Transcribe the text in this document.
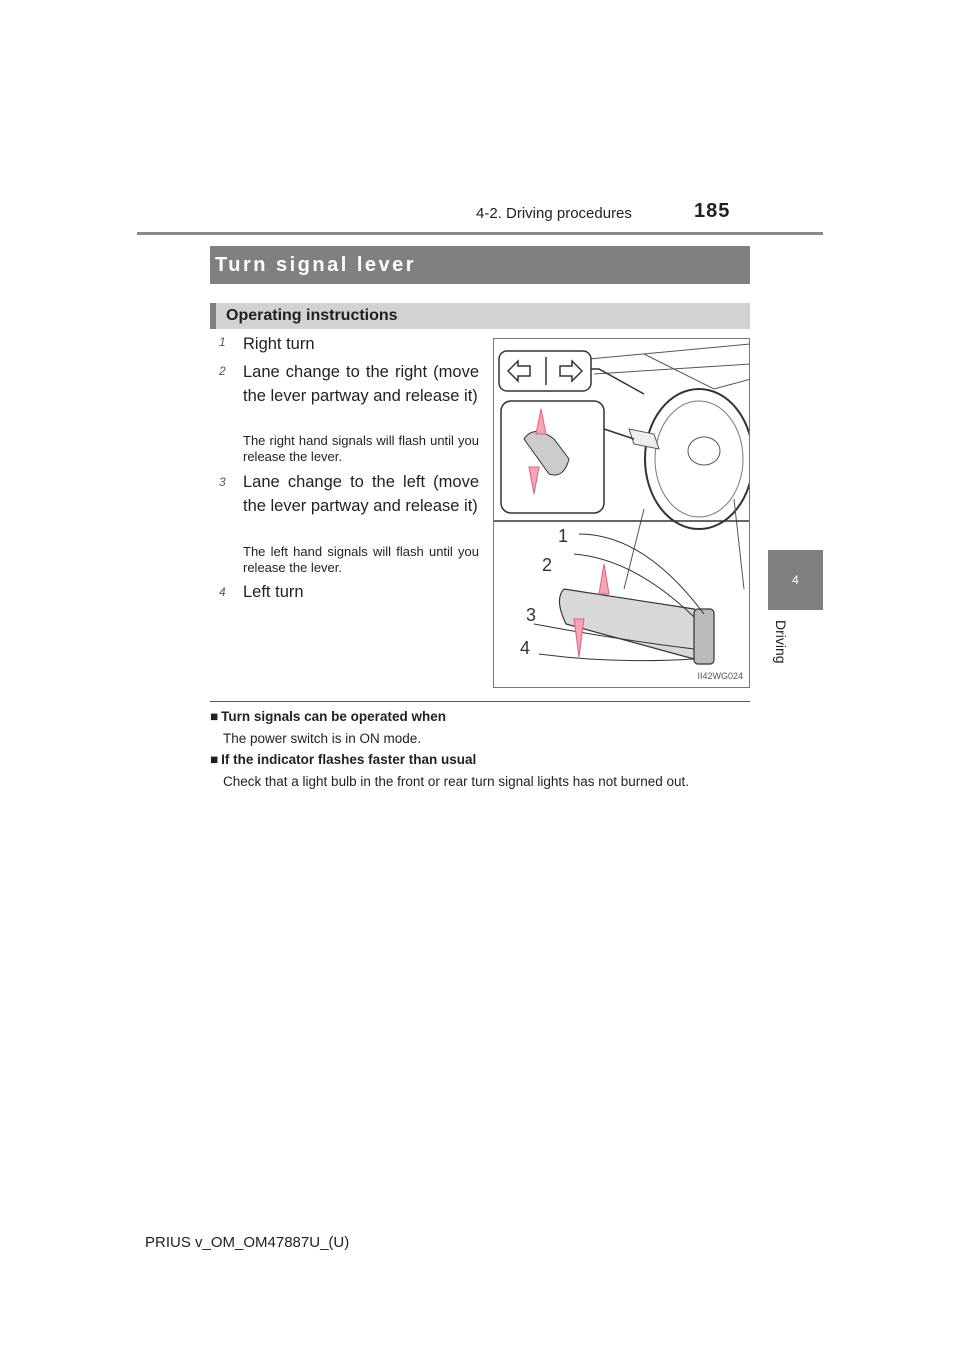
4-2. Driving procedures	185
4
Driving
Turn signal lever
Operating instructions
1	Right turn
2	Lane change to the right (move the lever partway and release it)
The right hand signals will flash until you release the lever.
3	Lane change to the left (move the lever partway and release it)
The left hand signals will flash until you release the lever.
4	Left turn
1
2
3
4
II42WG024
■ Turn signals can be operated when
The power switch is in ON mode.
■ If the indicator flashes faster than usual
Check that a light bulb in the front or rear turn signal lights has not burned out.
PRIUS v_OM_OM47887U_(U)
